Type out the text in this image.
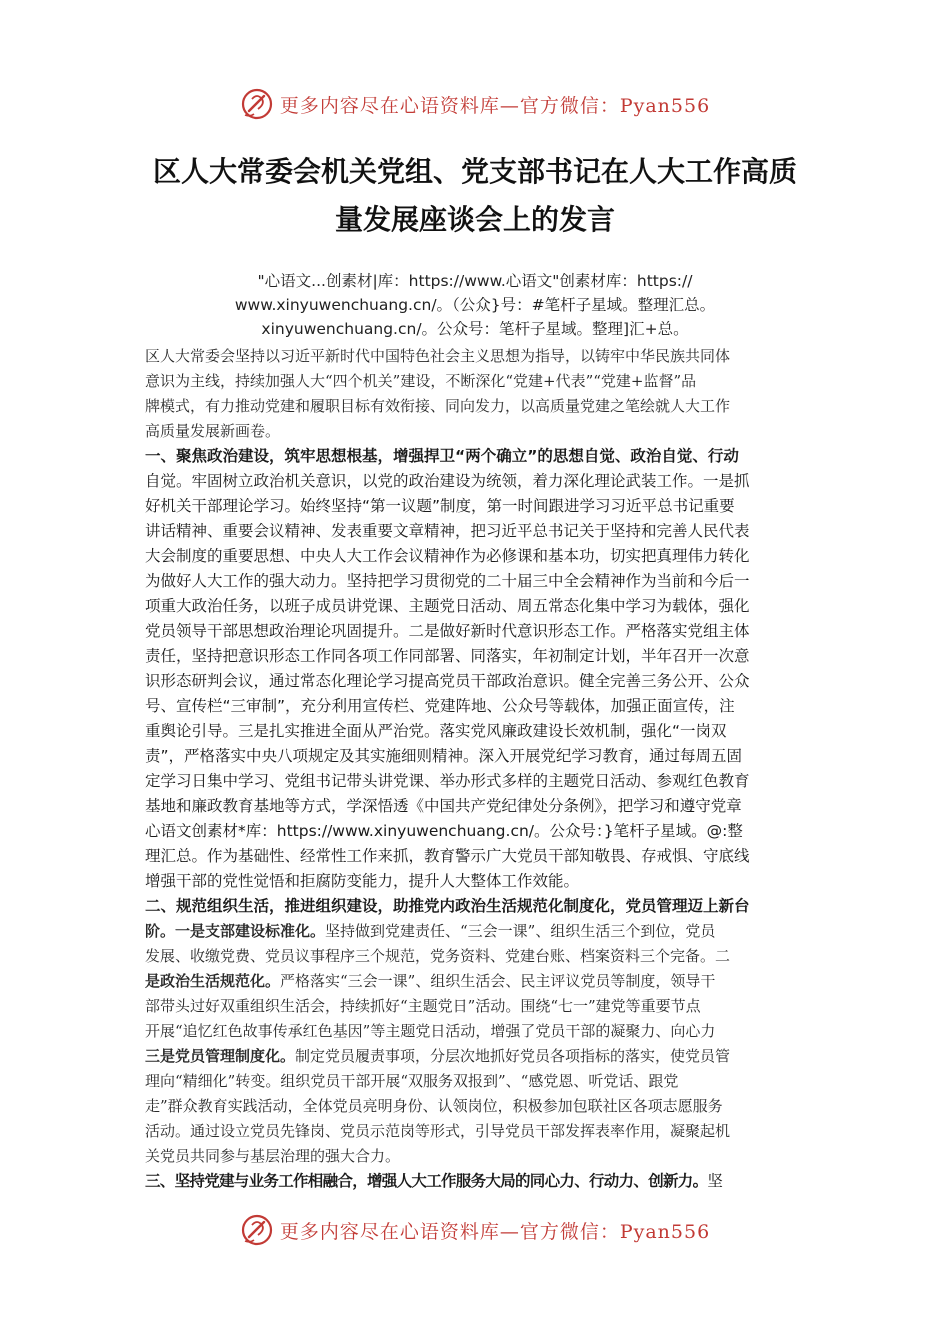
更多内容尽在心语资料库—官方微信：Pyan556
区人大常委会机关党组、党支部书记在人大工作高质
量发展座谈会上的发言
"心语文...创素材|库：https://www.心语文"创素材库：https://
www.xinyuwenchuang.cn/。（公众}号：#笔杆子星域。整理汇总。
xinyuwenchuang.cn/。公众号：笔杆子星域。整理]汇+总。
区人大常委会坚持以习近平新时代中国特色社会主义思想为指导，以铸牢中华民族共同体
意识为主线，持续加强人大“四个机关”建设，不断深化“党建+代表”“党建+监督”品
牌模式，有力推动党建和履职目标有效衔接、同向发力，以高质量党建之笔绘就人大工作
高质量发展新画卷。
一、聚焦政治建设，筑牢思想根基，增强捍卫“两个确立”的思想自觉、政治自觉、行动
自觉。牢固树立政治机关意识，以党的政治建设为统领，着力深化理论武装工作。一是抓
好机关干部理论学习。始终坚持“第一议题”制度，第一时间跟进学习习近平总书记重要
讲话精神、重要会议精神、发表重要文章精神，把习近平总书记关于坚持和完善人民代表
大会制度的重要思想、中央人大工作会议精神作为必修课和基本功，切实把真理伟力转化
为做好人大工作的强大动力。坚持把学习贯彻党的二十届三中全会精神作为当前和今后一
项重大政治任务，以班子成员讲党课、主题党日活动、周五常态化集中学习为载体，强化
党员领导干部思想政治理论巩固提升。二是做好新时代意识形态工作。严格落实党组主体
责任，坚持把意识形态工作同各项工作同部署、同落实，年初制定计划，半年召开一次意
识形态研判会议，通过常态化理论学习提高党员干部政治意识。健全完善三务公开、公众
号、宣传栏“三审制”，充分利用宣传栏、党建阵地、公众号等载体，加强正面宣传，注
重舆论引导。三是扎实推进全面从严治党。落实党风廉政建设长效机制，强化“一岗双
责”，严格落实中央八项规定及其实施细则精神。深入开展党纪学习教育，通过每周五固
定学习日集中学习、党组书记带头讲党课、举办形式多样的主题党日活动、参观红色教育
基地和廉政教育基地等方式，学深悟透《中国共产党纪律处分条例》，把学习和遵守党章
心语文创素材*库：https://www.xinyuwenchuang.cn/。公众号：}笔杆子星域。@:整
理汇总。作为基础性、经常性工作来抓，教育警示广大党员干部知敬畏、存戒惧、守底线
增强干部的党性觉悟和拒腐防变能力，提升人大整体工作效能。
二、规范组织生活，推进组织建设，助推党内政治生活规范化制度化，党员管理迈上新台
阶。一是支部建设标准化。坚持做到党建责任、“三会一课”、组织生活三个到位，党员
发展、收缴党费、党员议事程序三个规范，党务资料、党建台账、档案资料三个完备。二
是政治生活规范化。严格落实“三会一课”、组织生活会、民主评议党员等制度，领导干
部带头过好双重组织生活会，持续抓好“主题党日”活动。围绕“七一”建党等重要节点
开展“追忆红色故事传承红色基因”等主题党日活动，增强了党员干部的凝聚力、向心力
三是党员管理制度化。制定党员履责事项，分层次地抓好党员各项指标的落实，使党员管
理向“精细化”转变。组织党员干部开展“双服务双报到”、“感党恩、听党话、跟党
走”群众教育实践活动，全体党员亮明身份、认领岗位，积极参加包联社区各项志愿服务
活动。通过设立党员先锋岗、党员示范岗等形式，引导党员干部发挥表率作用，凝聚起机
关党员共同参与基层治理的强大合力。
三、坚持党建与业务工作相融合，增强人大工作服务大局的同心力、行动力、创新力。坚
更多内容尽在心语资料库—官方微信：Pyan556
